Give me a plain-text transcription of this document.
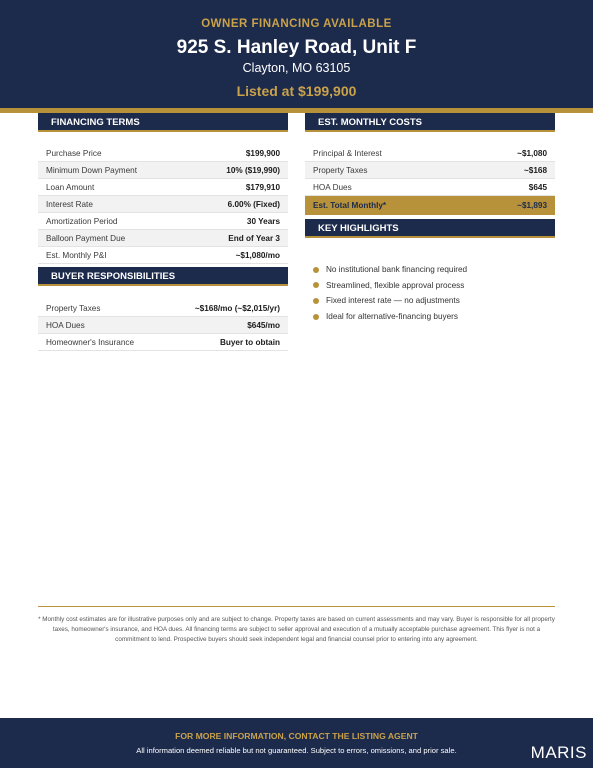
OWNER FINANCING AVAILABLE
925 S. Hanley Road, Unit F
Clayton, MO 63105
Listed at $199,900
FINANCING TERMS
Purchase Price	$199,900
Minimum Down Payment	10% ($19,990)
Loan Amount	$179,910
Interest Rate	6.00% (Fixed)
Amortization Period	30 Years
Balloon Payment Due	End of Year 3
Est. Monthly P&I	~$1,080/mo
BUYER RESPONSIBILITIES
Property Taxes	~$168/mo (~$2,015/yr)
HOA Dues	$645/mo
Homeowner's Insurance	Buyer to obtain
EST. MONTHLY COSTS
Principal & Interest	~$1,080
Property Taxes	~$168
HOA Dues	$645
Est. Total Monthly*	~$1,893
KEY HIGHLIGHTS
No institutional bank financing required
Streamlined, flexible approval process
Fixed interest rate — no adjustments
Ideal for alternative-financing buyers
* Monthly cost estimates are for illustrative purposes only and are subject to change. Property taxes are based on current assessments and may vary. Buyer is responsible for all property taxes, homeowner's insurance, and HOA dues. All financing terms are subject to seller approval and execution of a mutually acceptable purchase agreement. This flyer is not a commitment to lend. Prospective buyers should seek independent legal and financial counsel prior to entering into any agreement.
FOR MORE INFORMATION, CONTACT THE LISTING AGENT
All information deemed reliable but not guaranteed. Subject to errors, omissions, and prior sale.	MARIS
